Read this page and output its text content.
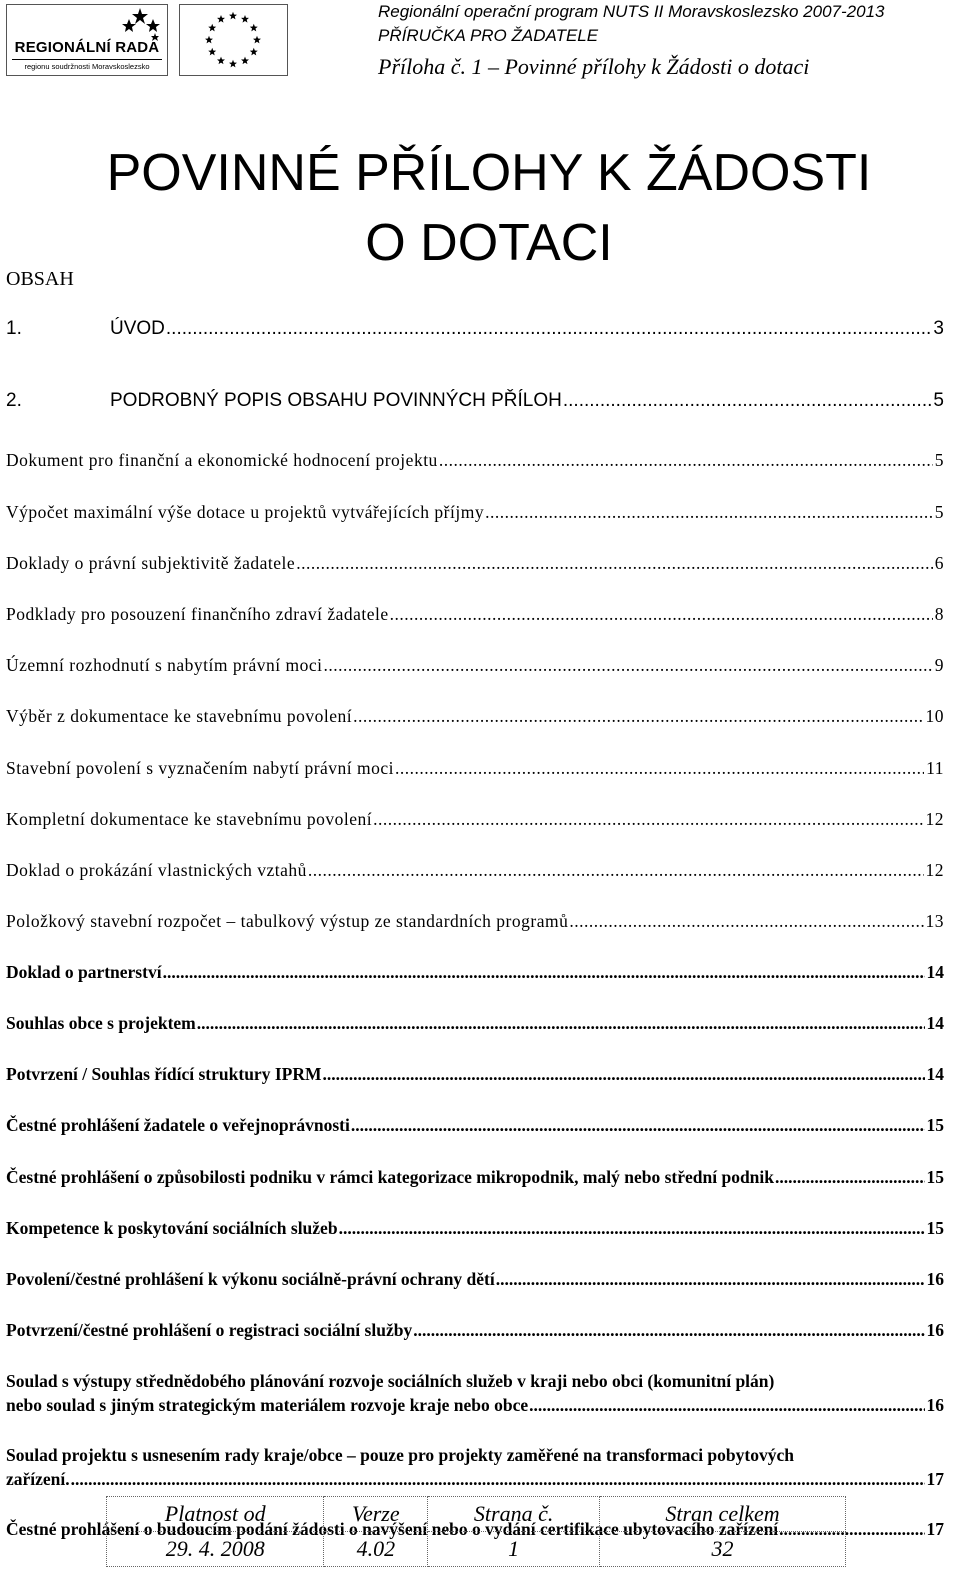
REGIONÁLNÍ RADA
regionu soudržnosti Moravskoslezsko
Regionální operační program NUTS II Moravskoslezsko 2007-2013
PŘÍRUČKA PRO ŽADATELE
Příloha č. 1 – Povinné přílohy k Žádosti o dotaci
POVINNÉ PŘÍLOHY K ŽÁDOSTI
O DOTACI
OBSAH
1.	ÚVOD .....	3
2.	PODROBNÝ POPIS OBSAHU POVINNÝCH PŘÍLOH .....	5
Dokument pro finanční a ekonomické hodnocení projektu .....	5
Výpočet maximální výše dotace u projektů vytvářejících příjmy .....	5
Doklady o právní subjektivitě žadatele .....	6
Podklady pro posouzení finančního zdraví žadatele .....	8
Územní rozhodnutí s nabytím právní moci .....	9
Výběr z dokumentace ke stavebnímu povolení .....	10
Stavební povolení s vyznačením nabytí právní moci .....	11
Kompletní dokumentace ke stavebnímu povolení .....	12
Doklad o prokázání vlastnických vztahů .....	12
Položkový stavební rozpočet – tabulkový výstup ze standardních programů .....	13
Doklad o partnerství .....	14
Souhlas obce s projektem .....	14
Potvrzení / Souhlas řídící struktury IPRM .....	14
Čestné prohlášení žadatele o veřejnoprávnosti .....	15
Čestné prohlášení o způsobilosti podniku v rámci kategorizace mikropodnik, malý nebo střední podnik .....	15
Kompetence k poskytování sociálních služeb .....	15
Povolení/čestné prohlášení k výkonu sociálně-právní ochrany dětí .....	16
Potvrzení/čestné prohlášení o registraci sociální služby .....	16
Soulad s výstupy střednědobého plánování rozvoje sociálních služeb v kraji nebo obci (komunitní plán)
nebo soulad s jiným strategickým materiálem rozvoje kraje nebo obce .....	16
Soulad projektu s usnesením rady kraje/obce – pouze pro projekty zaměřené na transformaci pobytových
zařízení. .....	17
Čestné prohlášení o budoucím podání žádosti o navýšení nebo o vydání certifikace ubytovacího zařízení .....	17
Platnost od	Verze	Strana č.	Stran celkem
29. 4. 2008	4.02	1	32
